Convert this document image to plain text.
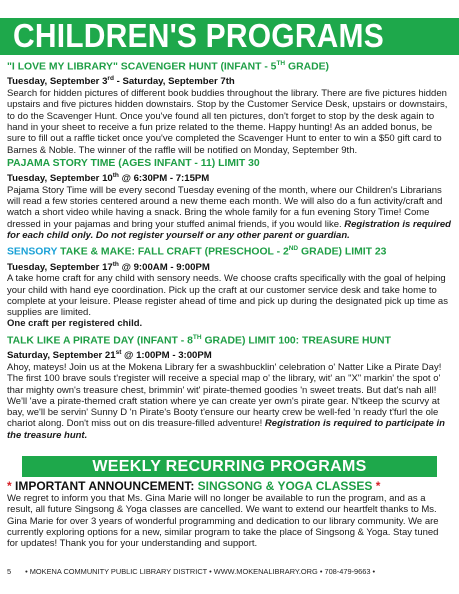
CHILDREN'S PROGRAMS

"I LOVE MY LIBRARY" SCAVENGER HUNT (INFANT - 5TH GRADE)

Tuesday, September 3rd - Saturday, September 7th

Search for hidden pictures of different book buddies throughout the library. There are five pictures hidden upstairs and five pictures hidden downstairs. Stop by the Customer Service Desk, upstairs or downstairs, to do the Scavenger Hunt. Once you've found all ten pictures, don't forget to stop by the desk again to hand in your sheet to receive a fun prize related to the theme. Happy hunting! As an added bonus, be sure to fill out a raffle ticket once you've completed the Scavenger Hunt to enter to win a $50 gift card to Barnes & Noble. The winner of the raffle will be notified on Monday, September 9th.

PAJAMA STORY TIME (AGES INFANT - 11) LIMIT 30

Tuesday, September 10th @ 6:30PM - 7:15PM

Pajama Story Time will be every second Tuesday evening of the month, where our Children's Librarians will read a few stories centered around a new theme each month. We will also do a fun activity/craft and watch a short video while having a snack. Bring the whole family for a fun evening Story Time! Come dressed in your pajamas and bring your stuffed animal friends, if you would like. Registration is required for each child only. Do not register yourself or any other parent or guardian.

SENSORY TAKE & MAKE: FALL CRAFT (PRESCHOOL - 2ND GRADE) LIMIT 23

Tuesday, September 17th @ 9:00AM - 9:00PM

A take home craft for any child with sensory needs. We choose crafts specifically with the goal of helping your child with hand eye coordination. Pick up the craft at our customer service desk and take home to complete at your leisure. Please register ahead of time and pick up during the designated pick up time as supplies are limited.

One craft per registered child.

TALK LIKE A PIRATE DAY (INFANT - 8TH GRADE) LIMIT 100: TREASURE HUNT

Saturday, September 21st @ 1:00PM - 3:00PM

Ahoy, mateys! Join us at the Mokena Library fer a swashbucklin' celebration o' Natter Like a Pirate Day! The first 100 brave souls t'register will receive a special map o' the library, wit' an "X" markin' the spot o' thar mighty own's treasure chest, brimmin' wit' pirate-themed goodies 'n sweet treats. But dat's nah all! We'll 'ave a pirate-themed craft station where ye can create yer own's pirate gear. N'tkeep the scurvy at bay, we'll be servin' Sunny D 'n Pirate's Booty t'ensure our hearty crew be well-fed 'n ready t'furl the ole chariot along. Don't miss out on dis treasure-filled adventure! Registration is required to participate in the treasure hunt.

WEEKLY RECURRING PROGRAMS

* IMPORTANT ANNOUNCEMENT: SINGSONG & YOGA CLASSES *

We regret to inform you that Ms. Gina Marie will no longer be available to run the program, and as a result, all future Singsong & Yoga classes are cancelled. We want to extend our heartfelt thanks to Ms. Gina Marie for over 3 years of wonderful programming and dedication to our library community. We are currently exploring options for a new, similar program to take the place of Singsong & Yoga. Stay tuned for updates! Thank you for your understanding and support.

5 • MOKENA COMMUNITY PUBLIC LIBRARY DISTRICT • WWW.MOKENALIBRARY.ORG • 708-479-9663 •
